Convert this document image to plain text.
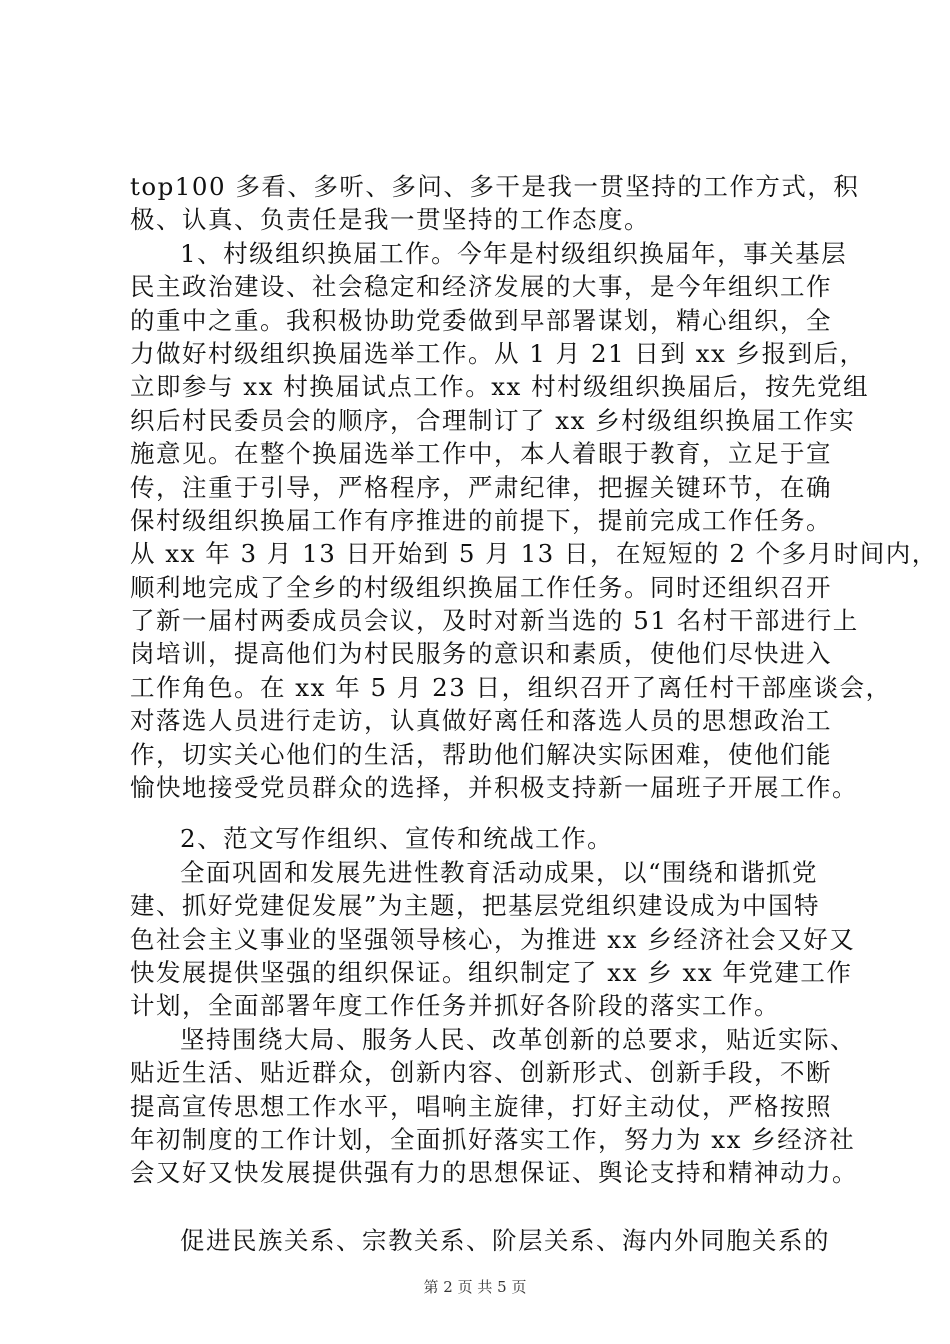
top100 多看、多听、多问、多干是我一贯坚持的工作方式，积
极、认真、负责任是我一贯坚持的工作态度。
1、村级组织换届工作。今年是村级组织换届年，事关基层
民主政治建设、社会稳定和经济发展的大事，是今年组织工作
的重中之重。我积极协助党委做到早部署谋划，精心组织，全
力做好村级组织换届选举工作。从 1 月 21 日到 xx 乡报到后，
立即参与 xx 村换届试点工作。xx 村村级组织换届后，按先党组
织后村民委员会的顺序，合理制订了 xx 乡村级组织换届工作实
施意见。在整个换届选举工作中，本人着眼于教育，立足于宣
传，注重于引导，严格程序，严肃纪律，把握关键环节，在确
保村级组织换届工作有序推进的前提下，提前完成工作任务。
从 xx 年 3 月 13 日开始到 5 月 13 日，在短短的 2 个多月时间内，
顺利地完成了全乡的村级组织换届工作任务。同时还组织召开
了新一届村两委成员会议，及时对新当选的 51 名村干部进行上
岗培训，提高他们为村民服务的意识和素质，使他们尽快进入
工作角色。在 xx 年 5 月 23 日，组织召开了离任村干部座谈会，
对落选人员进行走访，认真做好离任和落选人员的思想政治工
作，切实关心他们的生活，帮助他们解决实际困难，使他们能
愉快地接受党员群众的选择，并积极支持新一届班子开展工作。
2、范文写作组织、宣传和统战工作。
全面巩固和发展先进性教育活动成果，以“围绕和谐抓党
建、抓好党建促发展”为主题，把基层党组织建设成为中国特
色社会主义事业的坚强领导核心，为推进 xx 乡经济社会又好又
快发展提供坚强的组织保证。组织制定了 xx 乡 xx 年党建工作
计划，全面部署年度工作任务并抓好各阶段的落实工作。
坚持围绕大局、服务人民、改革创新的总要求，贴近实际、
贴近生活、贴近群众，创新内容、创新形式、创新手段，不断
提高宣传思想工作水平，唱响主旋律，打好主动仗，严格按照
年初制度的工作计划，全面抓好落实工作，努力为 xx 乡经济社
会又好又快发展提供强有力的思想保证、舆论支持和精神动力。
促进民族关系、宗教关系、阶层关系、海内外同胞关系的
第 2 页 共 5 页
